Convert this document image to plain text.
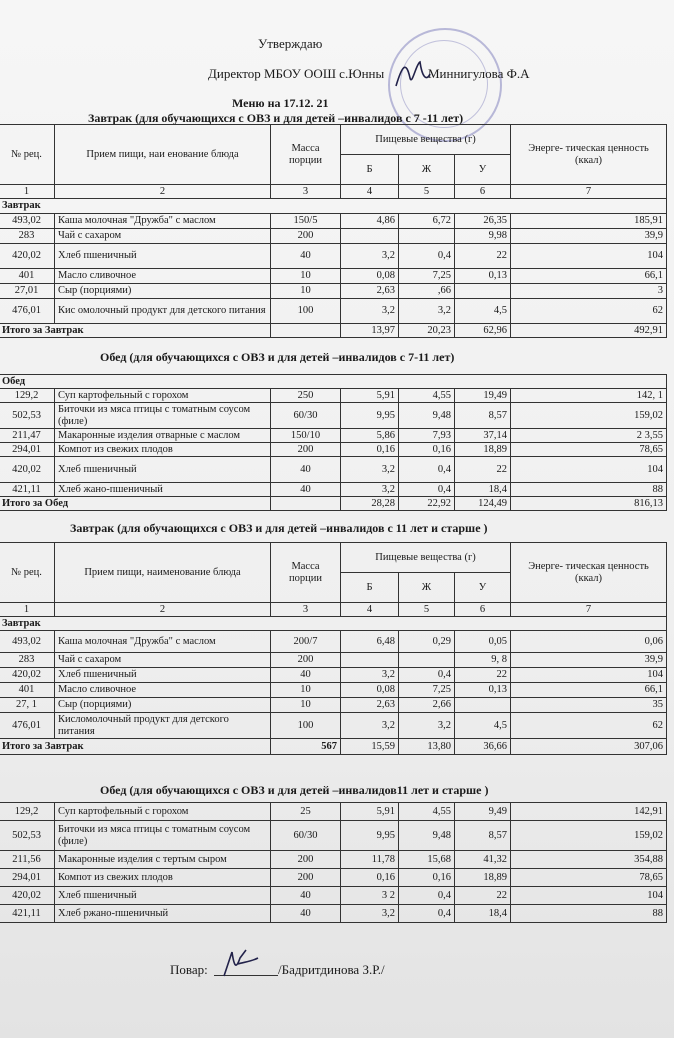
Утверждаю
Директор МБОУ ООШ с.Юнны	Миннигулова Ф.А
Меню на 17.12. 21
Завтрак (для обучающихся с ОВЗ и для детей –инвалидов с 7 -11 лет)
№ рец.	Прием пищи, наи енование блюда	Масса порции	Пищевые вещества (г)			Энерге- тическая ценность (ккал)
			Б	Ж	У	
1	2	3	4	5	6	7
Завтрак						
493,02	Каша молочная "Дружба" с маслом	150/5	4,86	6,72	26,35	185,91
283	Чай с сахаром	200			9,98	39,9
420,02	Хлеб пшеничный	40	3,2	0,4	22	104
401	Масло сливочное	10	0,08	7,25	0,13	66,1
27,01	Сыр (порциями)	10	2,63	,66		3
476,01	Кис омолочный продукт для детского питания	100	3,2	3,2	4,5	62
Итого за Завтрак			13,97	20,23	62,96	492,91
Обед (для обучающихся с ОВЗ и для детей –инвалидов с 7-11 лет)
Обед						
129,2	Суп картофельный с горохом	250	5,91	4,55	19,49	142, 1
502,53	Биточки из мяса птицы с томатным соусом (филе)	60/30	9,95	9,48	8,57	159,02
211,47	Макаронные изделия отварные с маслом	150/10	5,86	7,93	37,14	2 3,55
294,01	Компот из свежих плодов	200	0,16	0,16	18,89	78,65
420,02	Хлеб пшеничный	40	3,2	0,4	22	104
421,11	Хлеб жано-пшеничный	40	3,2	0,4	18,4	88
Итого за Обед			28,28	22,92	124,49	816,13
Завтрак (для обучающихся с ОВЗ и для детей –инвалидов с 11 лет и старше )
№ рец.	Прием пищи, наименование блюда	Масса порции	Пищевые вещества (г)			Энерге- тическая ценность (ккал)
			Б	Ж	У	
1	2	3	4	5	6	7
Завтрак						
493,02	Каша молочная "Дружба" с маслом	200/7	6,48	0,29	0,05	0,06
283	Чай с сахаром	200			9, 8	39,9
420,02	Хлеб пшеничный	40	3,2	0,4	22	104
401	Масло сливочное	10	0,08	7,25	0,13	66,1
27, 1	Сыр (порциями)	10	2,63	2,66		35
476,01	Кисломолочный продукт для детского питания	100	3,2	3,2	4,5	62
Итого за Завтрак		567	15,59	13,80	36,66	307,06
Обед (для обучающихся с ОВЗ и для детей –инвалидов11 лет и старше )
129,2	Суп картофельный с горохом	25	5,91	4,55	9,49	142,91
502,53	Биточки из мяса птицы с томатным соусом (филе)	60/30	9,95	9,48	8,57	159,02
211,56	Макаронные изделия с тертым сыром	200	11,78	15,68	41,32	354,88
294,01	Компот из свежих плодов	200	0,16	0,16	18,89	78,65
420,02	Хлеб пшеничный	40	3 2	0,4	22	104
421,11	Хлеб ржано-пшеничный	40	3,2	0,4	18,4	88
Повар:	/Бадритдинова З.Р./
